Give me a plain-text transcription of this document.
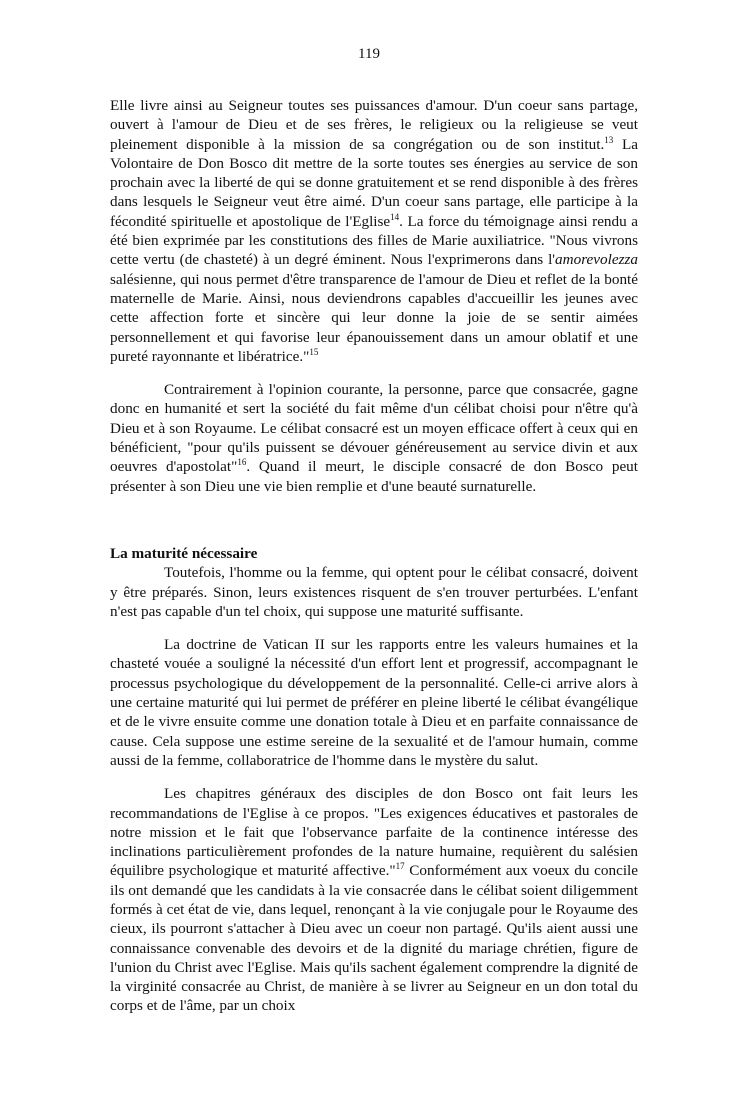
119

Elle livre ainsi au Seigneur toutes ses puissances d'amour. D'un coeur sans partage, ouvert à l'amour de Dieu et de ses frères, le religieux ou la religieuse se veut pleinement disponible à la mission de sa congrégation ou de son institut.$^{13}$ La Volontaire de Don Bosco dit mettre de la sorte toutes ses énergies au service de son prochain avec la liberté de qui se donne gratuitement et se rend disponible à des frères dans lesquels le Seigneur veut être aimé. D'un coeur sans partage, elle participe à la fécondité spirituelle et apostolique de l'Eglise$^{14}$. La force du témoignage ainsi rendu a été bien exprimée par les constitutions des filles de Marie auxiliatrice. "Nous vivrons cette vertu (de chasteté) à un degré éminent. Nous l'exprimerons dans l'amorevolezza salésienne, qui nous permet d'être transparence de l'amour de Dieu et reflet de la bonté maternelle de Marie. Ainsi, nous deviendrons capables d'accueillir les jeunes avec cette affection forte et sincère qui leur donne la joie de se sentir aimées personnellement et qui favorise leur épanouissement dans un amour oblatif et une pureté rayonnante et libératrice."$^{15}$

Contrairement à l'opinion courante, la personne, parce que consacrée, gagne donc en humanité et sert la société du fait même d'un célibat choisi pour n'être qu'à Dieu et à son Royaume. Le célibat consacré est un moyen efficace offert à ceux qui en bénéficient, "pour qu'ils puissent se dévouer généreusement au service divin et aux oeuvres d'apostolat"$^{16}$. Quand il meurt, le disciple consacré de don Bosco peut présenter à son Dieu une vie bien remplie et d'une beauté surnaturelle.

La maturité nécessaire

Toutefois, l'homme ou la femme, qui optent pour le célibat consacré, doivent y être préparés. Sinon, leurs existences risquent de s'en trouver perturbées. L'enfant n'est pas capable d'un tel choix, qui suppose une maturité suffisante.

La doctrine de Vatican II sur les rapports entre les valeurs humaines et la chasteté vouée a souligné la nécessité d'un effort lent et progressif, accompagnant le processus psychologique du développement de la personnalité. Celle-ci arrive alors à une certaine maturité qui lui permet de préférer en pleine liberté le célibat évangélique et de le vivre ensuite comme une donation totale à Dieu et en parfaite connaissance de cause. Cela suppose une estime sereine de la sexualité et de l'amour humain, comme aussi de la femme, collaboratrice de l'homme dans le mystère du salut.

Les chapitres généraux des disciples de don Bosco ont fait leurs les recommandations de l'Eglise à ce propos. "Les exigences éducatives et pastorales de notre mission et le fait que l'observance parfaite de la continence intéresse des inclinations particulièrement profondes de la nature humaine, requièrent du salésien équilibre psychologique et maturité affective."$^{17}$ Conformément aux voeux du concile ils ont demandé que les candidats à la vie consacrée dans le célibat soient diligemment formés à cet état de vie, dans lequel, renonçant à la vie conjugale pour le Royaume des cieux, ils pourront s'attacher à Dieu avec un coeur non partagé. Qu'ils aient aussi une connaissance convenable des devoirs et de la dignité du mariage chrétien, figure de l'union du Christ avec l'Eglise. Mais qu'ils sachent également comprendre la dignité de la virginité consacrée au Christ, de manière à se livrer au Seigneur en un don total du corps et de l'âme, par un choix
